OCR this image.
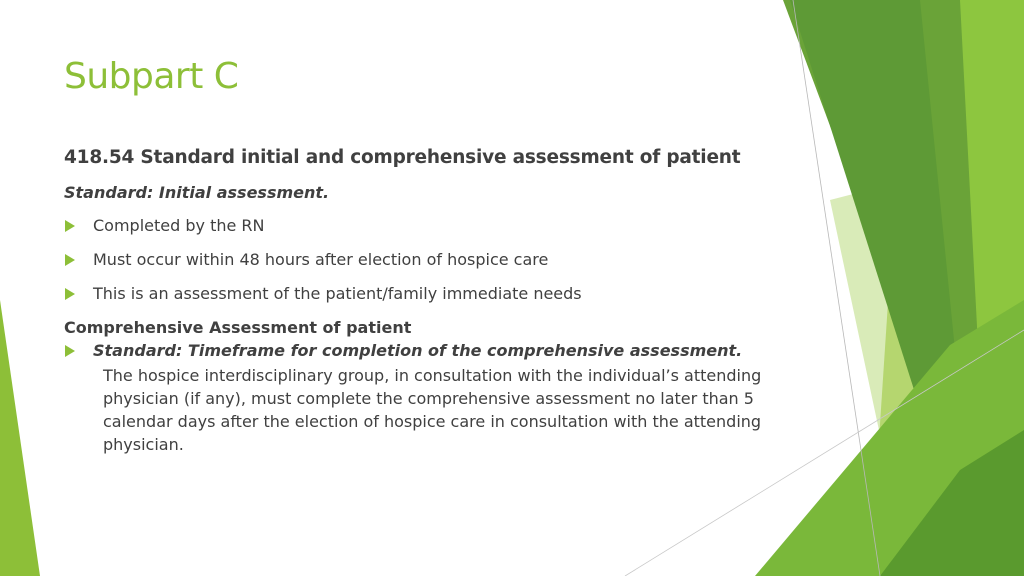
Subpart C
418.54 Standard initial and comprehensive assessment of patient
Standard: Initial assessment.
Completed by the RN
Must occur within 48 hours after election of hospice care
This is an assessment of the patient/family immediate needs
Comprehensive Assessment of patient
Standard: Timeframe for completion of the comprehensive assessment.

The hospice interdisciplinary group, in consultation with the individual’s attending physician (if any), must complete the comprehensive assessment no later than 5 calendar days after the election of hospice care in consultation with the attending physician.
